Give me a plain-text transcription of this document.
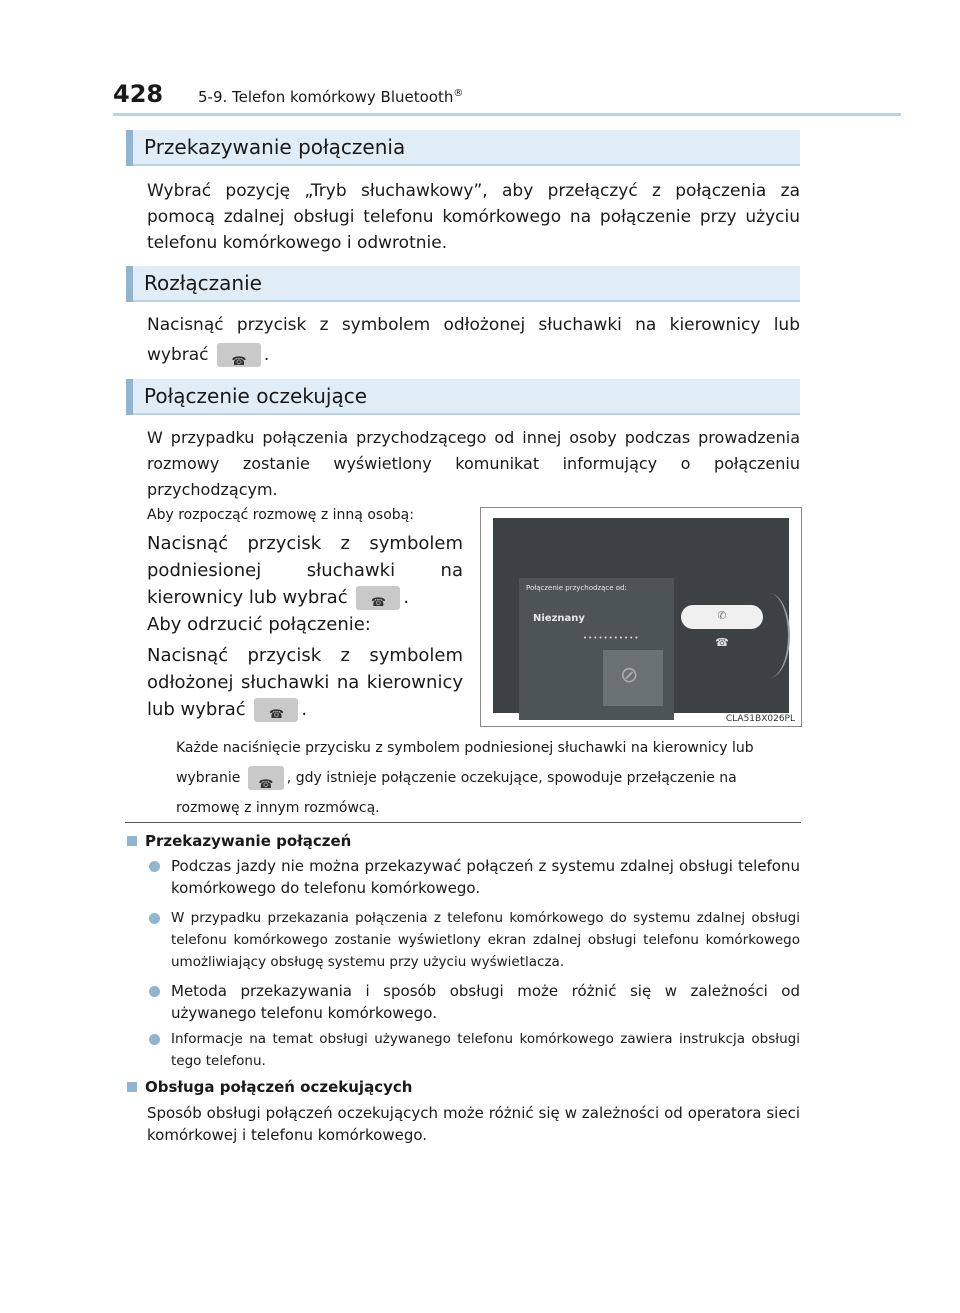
428 5-9. Telefon komórkowy Bluetooth®
Przekazywanie połączenia
Wybrać pozycję „Tryb słuchawkowy”, aby przełączyć z połączenia za pomocą zdalnej obsługi telefonu komórkowego na połączenie przy użyciu telefonu komórkowego i odwrotnie.
Rozłączanie
Nacisnąć przycisk z symbolem odłożonej słuchawki na kierownicy lub wybrać ☎	.
Połączenie oczekujące
W przypadku połączenia przychodzącego od innej osoby podczas prowadzenia rozmowy zostanie wyświetlony komunikat informujący o połączeniu przychodzącym.
Aby rozpocząć rozmowę z inną osobą:
Nacisnąć przycisk z symbolem podniesionej słuchawki na kierownicy lub wybrać ☎	.
Aby odrzucić połączenie:
Nacisnąć przycisk z symbolem odłożonej słuchawki na kierownicy lub wybrać ☎	.
Połączenie przychodzące od:
Nieznany
•••••••••••
⊘
✆
☎
CLA51BX026PL
Każde naciśnięcie przycisku z symbolem podniesionej słuchawki na kierownicy lub wybranie ☎	, gdy istnieje połączenie oczekujące, spowoduje przełączenie na rozmowę z innym rozmówcą.
Przekazywanie połączeń
Podczas jazdy nie można przekazywać połączeń z systemu zdalnej obsługi telefonu komórkowego do telefonu komórkowego.
W przypadku przekazania połączenia z telefonu komórkowego do systemu zdalnej obsługi telefonu komórkowego zostanie wyświetlony ekran zdalnej obsługi telefonu komórkowego umożliwiający obsługę systemu przy użyciu wyświetlacza.
Metoda przekazywania i sposób obsługi może różnić się w zależności od używanego telefonu komórkowego.
Informacje na temat obsługi używanego telefonu komórkowego zawiera instrukcja obsługi tego telefonu.
Obsługa połączeń oczekujących
Sposób obsługi połączeń oczekujących może różnić się w zależności od operatora sieci komórkowej i telefonu komórkowego.
